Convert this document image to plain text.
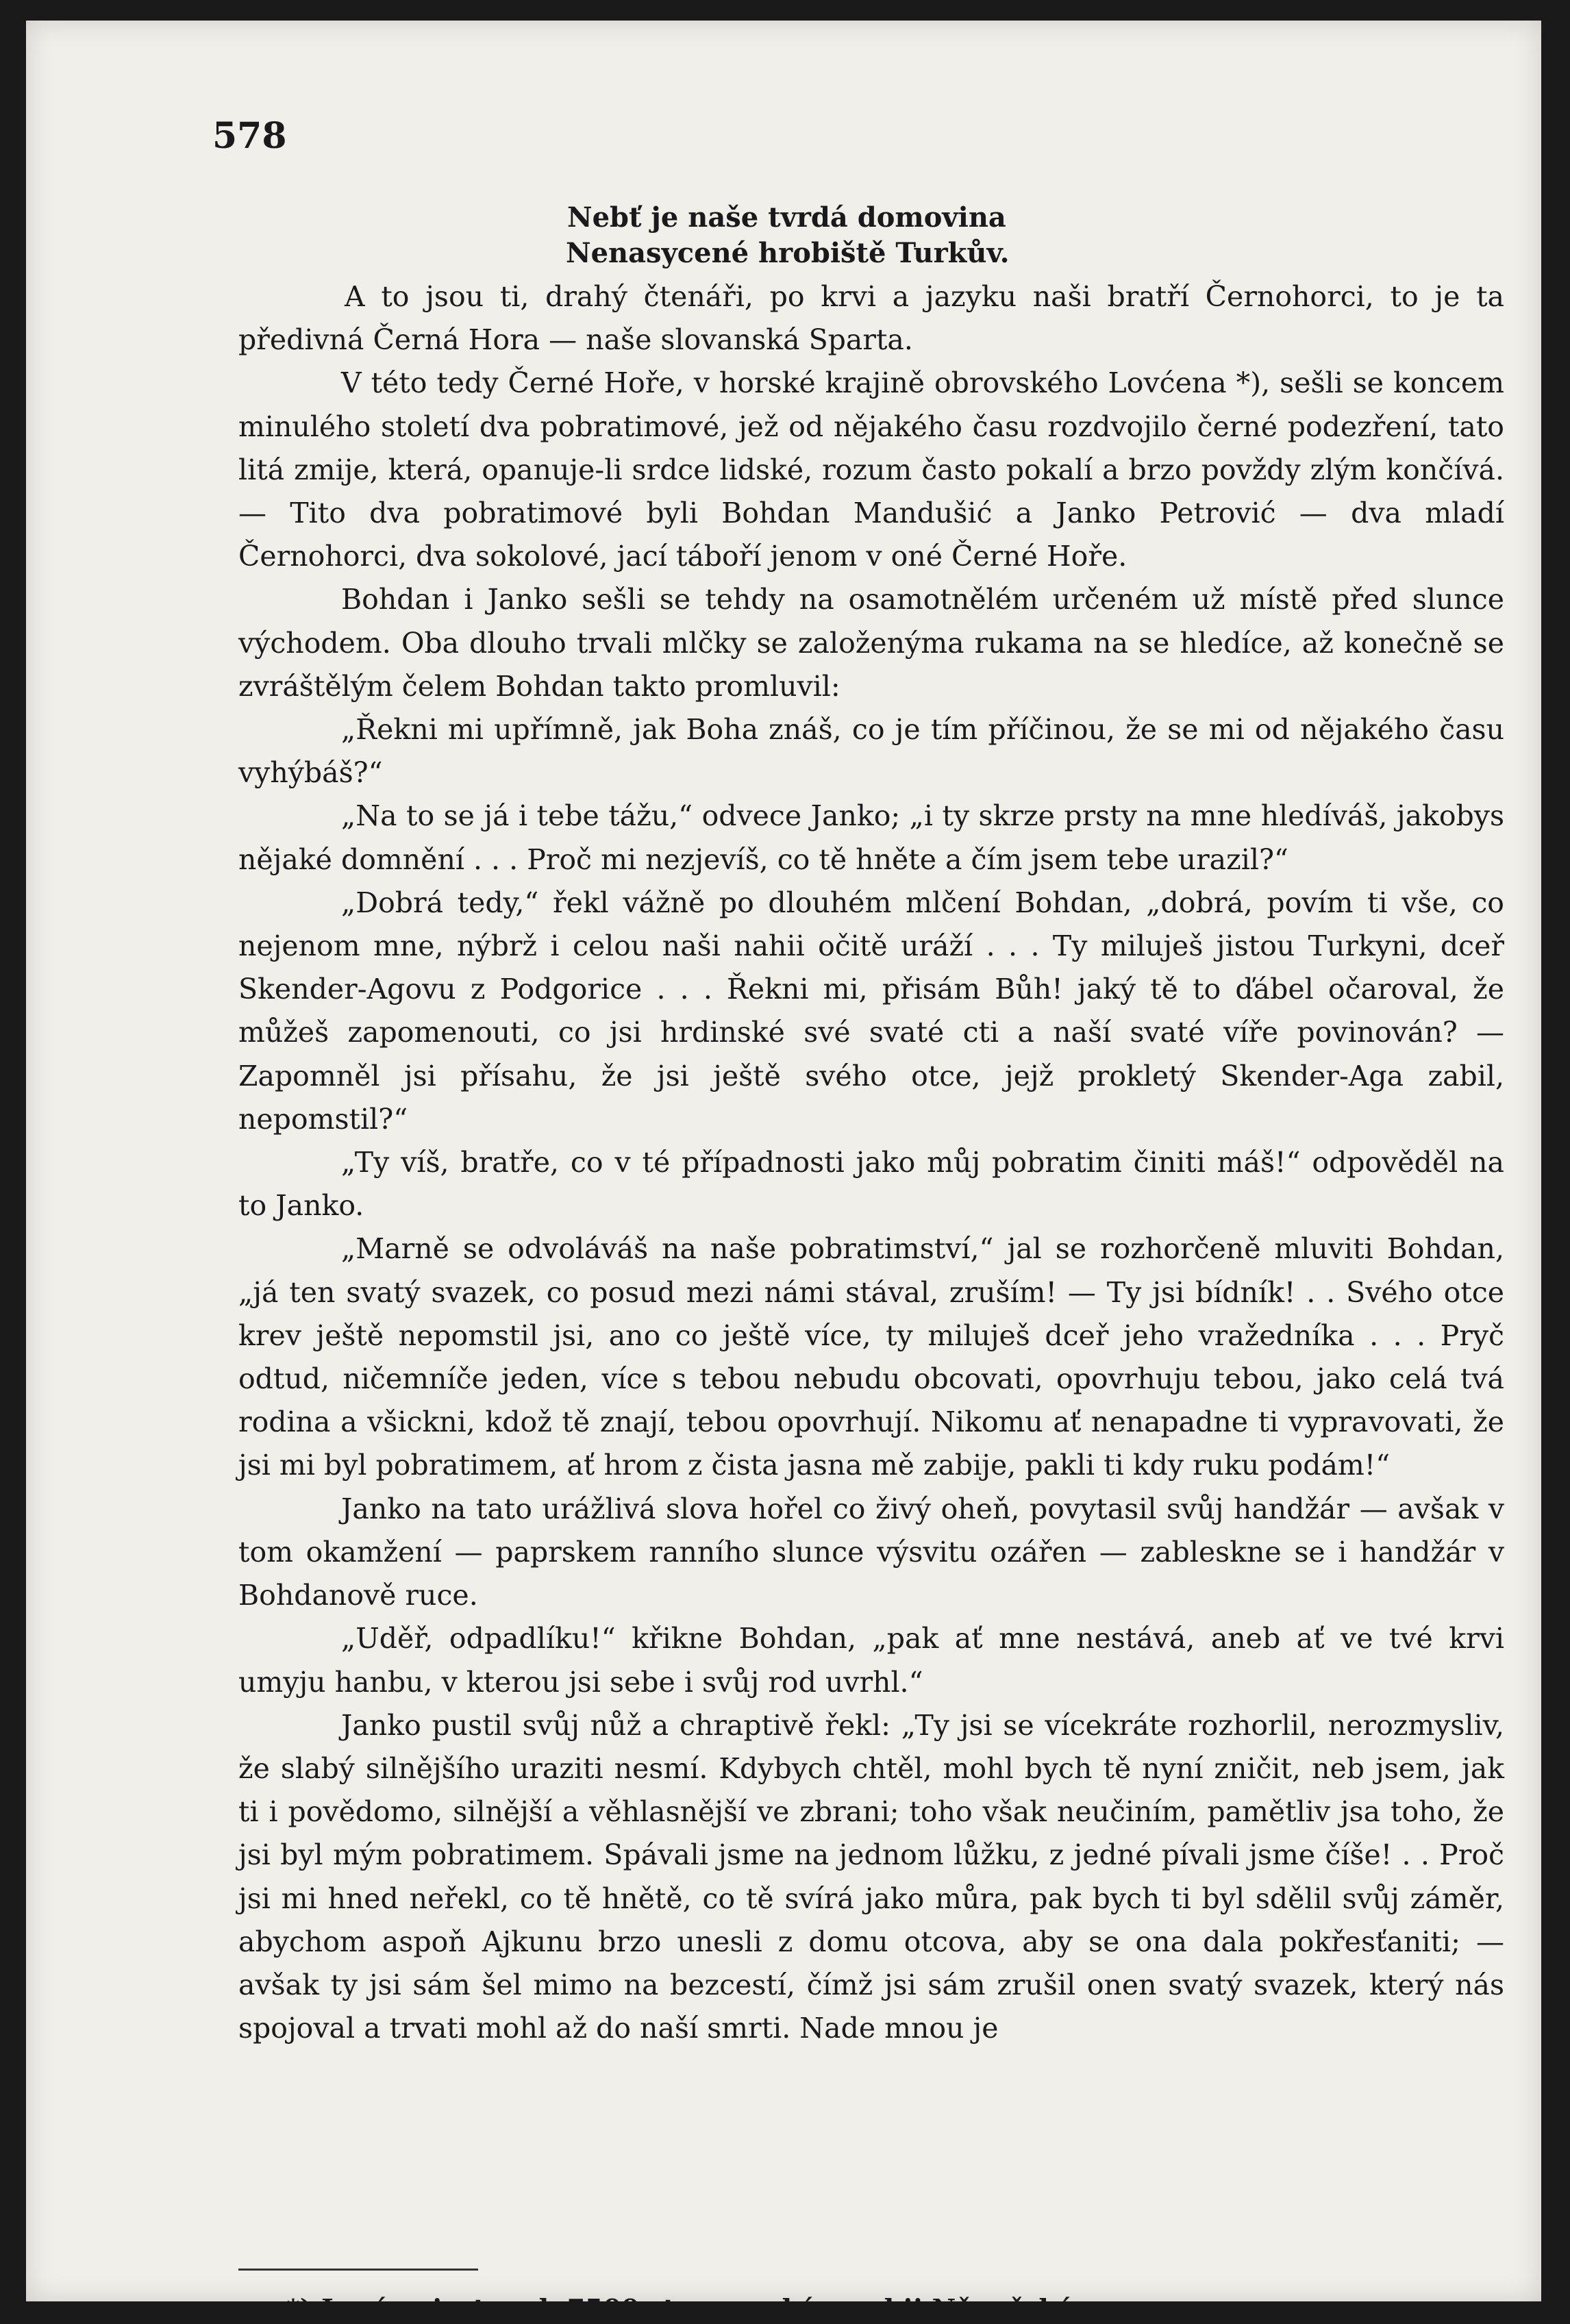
578
Nebť je naše tvrdá domovina
Nenasycené hrobiště Turkův.

A to jsou ti, drahý čtenáři, po krvi a jazyku naši bratří Černohorci, to je ta předivná Černá Hora — naše slovanská Sparta.

V této tedy Černé Hoře, v horské krajině obrovského Lovćena *), sešli se koncem minulého století dva pobratimové, jež od nějakého času rozdvojilo černé podezření, tato litá zmije, která, opanuje-li srdce lidské, rozum často pokalí a brzo povždy zlým končívá. — Tito dva pobratimové byli Bohdan Mandušić a Janko Petrović — dva mladí Černohorci, dva sokolové, jací táboří jenom v oné Černé Hoře.

Bohdan i Janko sešli se tehdy na osamotnělém určeném už místě před slunce východem. Oba dlouho trvali mlčky se založenýma rukama na se hledíce, až konečně se zvráštělým čelem Bohdan takto promluvil:

„Řekni mi upřímně, jak Boha znáš, co je tím příčinou, že se mi od nějakého času vyhýbáš?“

„Na to se já i tebe tážu,“ odvece Janko; „i ty skrze prsty na mne hledíváš, jakobys nějaké domnění . . . Proč mi nezjevíš, co tě hněte a čím jsem tebe urazil?“

„Dobrá tedy,“ řekl vážně po dlouhém mlčení Bohdan, „dobrá, povím ti vše, co nejenom mne, nýbrž i celou naši nahii očitě uráží . . . Ty miluješ jistou Turkyni, dceř Skender-Agovu z Podgorice . . . Řekni mi, přisám Bůh! jaký tě to ďábel očaroval, že můžeš zapomenouti, co jsi hrdinské své svaté cti a naší svaté víře povinován? — Zapomněl jsi přísahu, že jsi ještě svého otce, jejž prokletý Skender-Aga zabil, nepomstil?“

„Ty víš, bratře, co v té případnosti jako můj pobratim činiti máš!“ odpověděl na to Janko.

„Marně se odvoláváš na naše pobratimství,“ jal se rozhorčeně mluviti Bohdan, „já ten svatý svazek, co posud mezi námi stával, zruším! — Ty jsi bídník! . . Svého otce krev ještě nepomstil jsi, ano co ještě více, ty miluješ dceř jeho vražedníka . . . Pryč odtud, ničemníče jeden, více s tebou nebudu obcovati, opovrhuju tebou, jako celá tvá rodina a všickni, kdož tě znají, tebou opovrhují. Nikomu ať nenapadne ti vypravovati, že jsi mi byl pobratimem, ať hrom z čista jasna mě zabije, pakli ti kdy ruku podám!“

Janko na tato urážlivá slova hořel co živý oheň, povytasil svůj handžár — avšak v tom okamžení — paprskem ranního slunce výsvitu ozářen — zablesknе se i handžár v Bohdanově ruce.

„Uděř, odpadlíku!“ křikne Bohdan, „pak ať mne nestává, aneb ať ve tvé krvi umyju hanbu, v kterou jsi sebe i svůj rod uvrhl.“

Janko pustil svůj nůž a chraptivě řekl: „Ty jsi se vícekráte rozhorlil, nerozmysliv, že slabý silnějšího uraziti nesmí. Kdybych chtěl, mohl bych tě nyní zničit, neb jsem, jak ti i povědomo, silnější a věhlasnější ve zbrani; toho však neučiním, pamětliv jsa toho, že jsi byl mým pobratimem. Spávali jsme na jednom lůžku, z jedné pívali jsme číše! . . Proč jsi mi hned neřekl, co tě hnětě, co tě svírá jako můra, pak bych ti byl sdělil svůj záměr, abychom aspoň Ajkunu brzo unesli z domu otcova, aby se ona dala pokřesťaniti; — avšak ty jsi sám šel mimo na bezcestí, čímž jsi sám zrušil onen svatý svazek, který nás spojoval a trvati mohl až do naší smrti. Nade mnou je

*) Lovćen jest vrch 7500 stop vysoký v nahii Něgušské.
